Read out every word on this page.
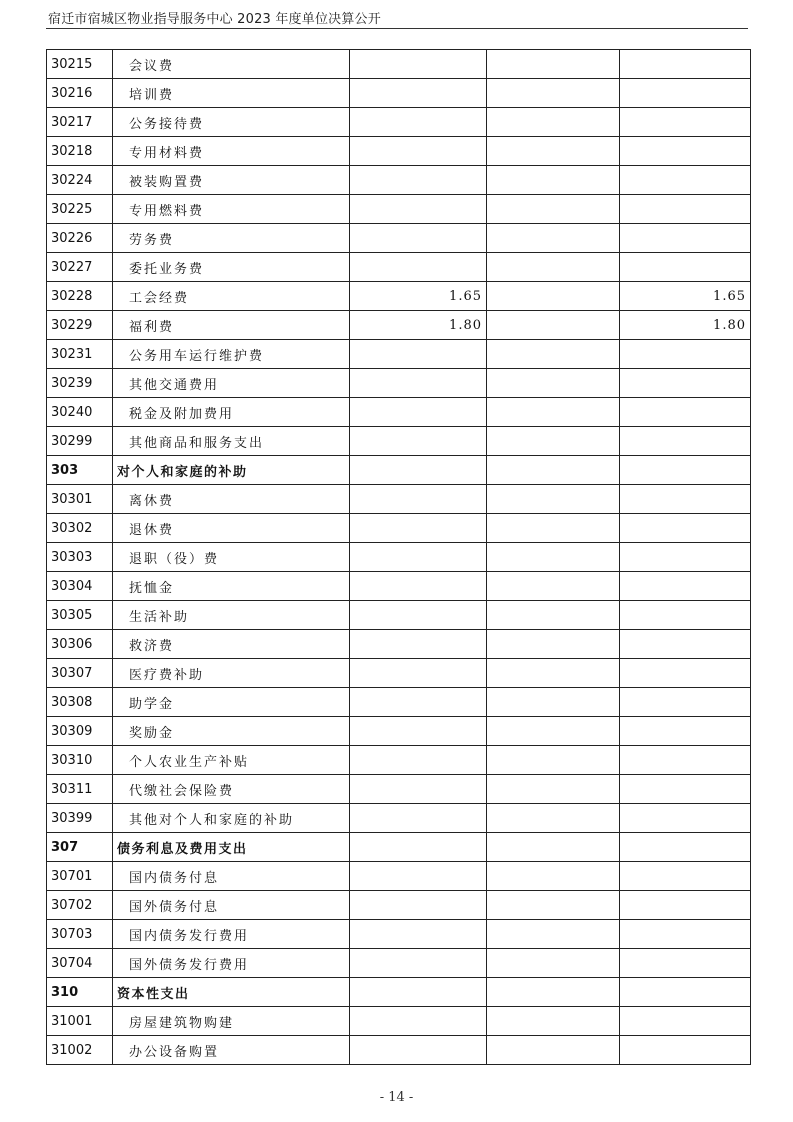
宿迁市宿城区物业指导服务中心 2023 年度单位决算公开
30215	会议费			
30216	培训费			
30217	公务接待费			
30218	专用材料费			
30224	被装购置费			
30225	专用燃料费			
30226	劳务费			
30227	委托业务费			
30228	工会经费	1.65		1.65
30229	福利费	1.80		1.80
30231	公务用车运行维护费			
30239	其他交通费用			
30240	税金及附加费用			
30299	其他商品和服务支出			
303	对个人和家庭的补助			
30301	离休费			
30302	退休费			
30303	退职（役）费			
30304	抚恤金			
30305	生活补助			
30306	救济费			
30307	医疗费补助			
30308	助学金			
30309	奖励金			
30310	个人农业生产补贴			
30311	代缴社会保险费			
30399	其他对个人和家庭的补助			
307	债务利息及费用支出			
30701	国内债务付息			
30702	国外债务付息			
30703	国内债务发行费用			
30704	国外债务发行费用			
310	资本性支出			
31001	房屋建筑物购建			
31002	办公设备购置			
- 14 -
